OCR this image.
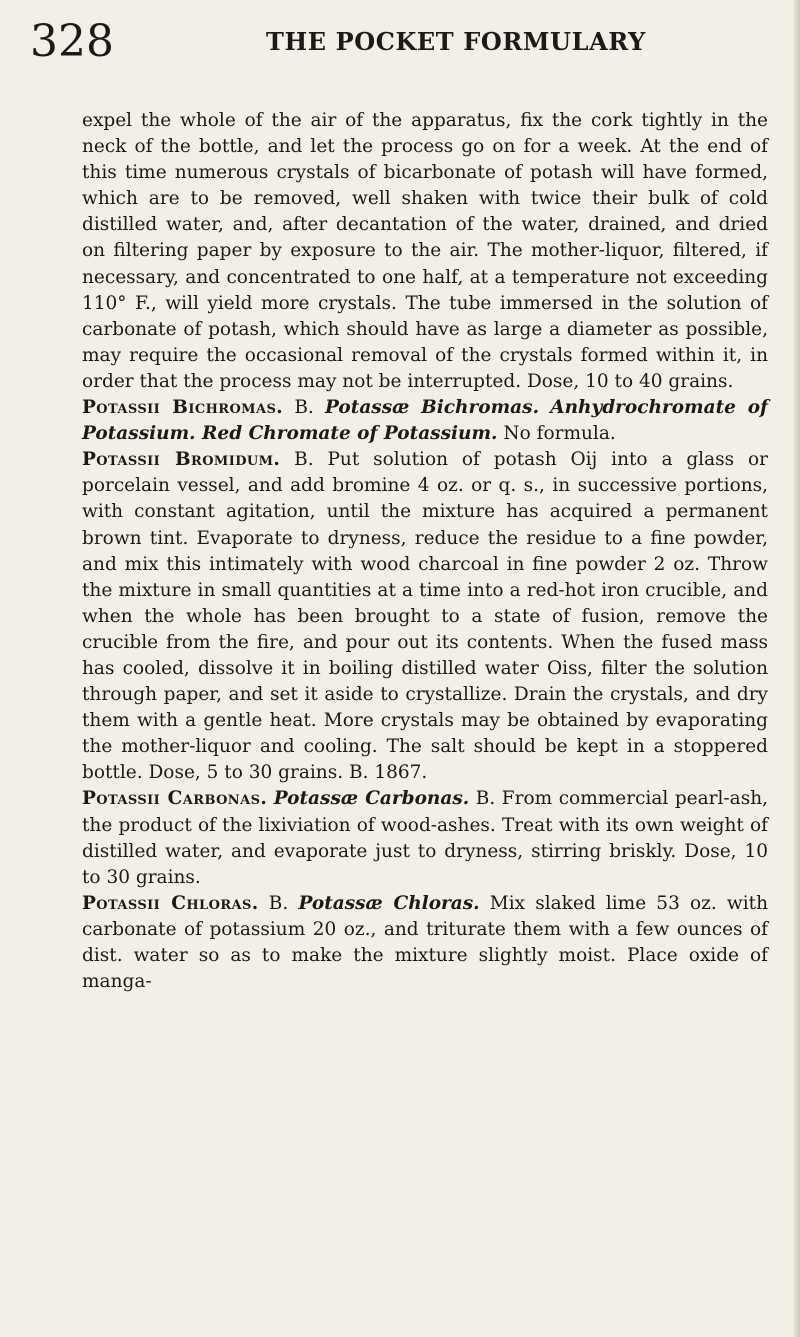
328	THE POCKET FORMULARY

expel the whole of the air of the apparatus, fix the cork tightly in the neck of the bottle, and let the process go on for a week. At the end of this time numerous crystals of bicarbonate of potash will have formed, which are to be removed, well shaken with twice their bulk of cold distilled water, and, after decantation of the water, drained, and dried on filtering paper by exposure to the air. The mother-liquor, filtered, if necessary, and concentrated to one half, at a temperature not exceeding 110° F., will yield more crystals. The tube immersed in the solution of carbonate of potash, which should have as large a diameter as possible, may require the occasional removal of the crystals formed within it, in order that the process may not be interrupted. Dose, 10 to 40 grains.

Potassii Bichromas. B. Potassæ Bichromas. Anhydrochromate of Potassium. Red Chromate of Potassium. No formula.

Potassii Bromidum. B. Put solution of potash Oij into a glass or porcelain vessel, and add bromine 4 oz. or q. s., in successive portions, with constant agitation, until the mixture has acquired a permanent brown tint. Evaporate to dryness, reduce the residue to a fine powder, and mix this intimately with wood charcoal in fine powder 2 oz. Throw the mixture in small quantities at a time into a red-hot iron crucible, and when the whole has been brought to a state of fusion, remove the crucible from the fire, and pour out its contents. When the fused mass has cooled, dissolve it in boiling distilled water Oiss, filter the solution through paper, and set it aside to crystallize. Drain the crystals, and dry them with a gentle heat. More crystals may be obtained by evaporating the mother-liquor and cooling. The salt should be kept in a stoppered bottle. Dose, 5 to 30 grains. B. 1867.

Potassii Carbonas. Potassæ Carbonas. B. From commercial pearl-ash, the product of the lixiviation of wood-ashes. Treat with its own weight of distilled water, and evaporate just to dryness, stirring briskly. Dose, 10 to 30 grains.

Potassii Chloras. B. Potassæ Chloras. Mix slaked lime 53 oz. with carbonate of potassium 20 oz., and triturate them with a few ounces of dist. water so as to make the mixture slightly moist. Place oxide of manga-
